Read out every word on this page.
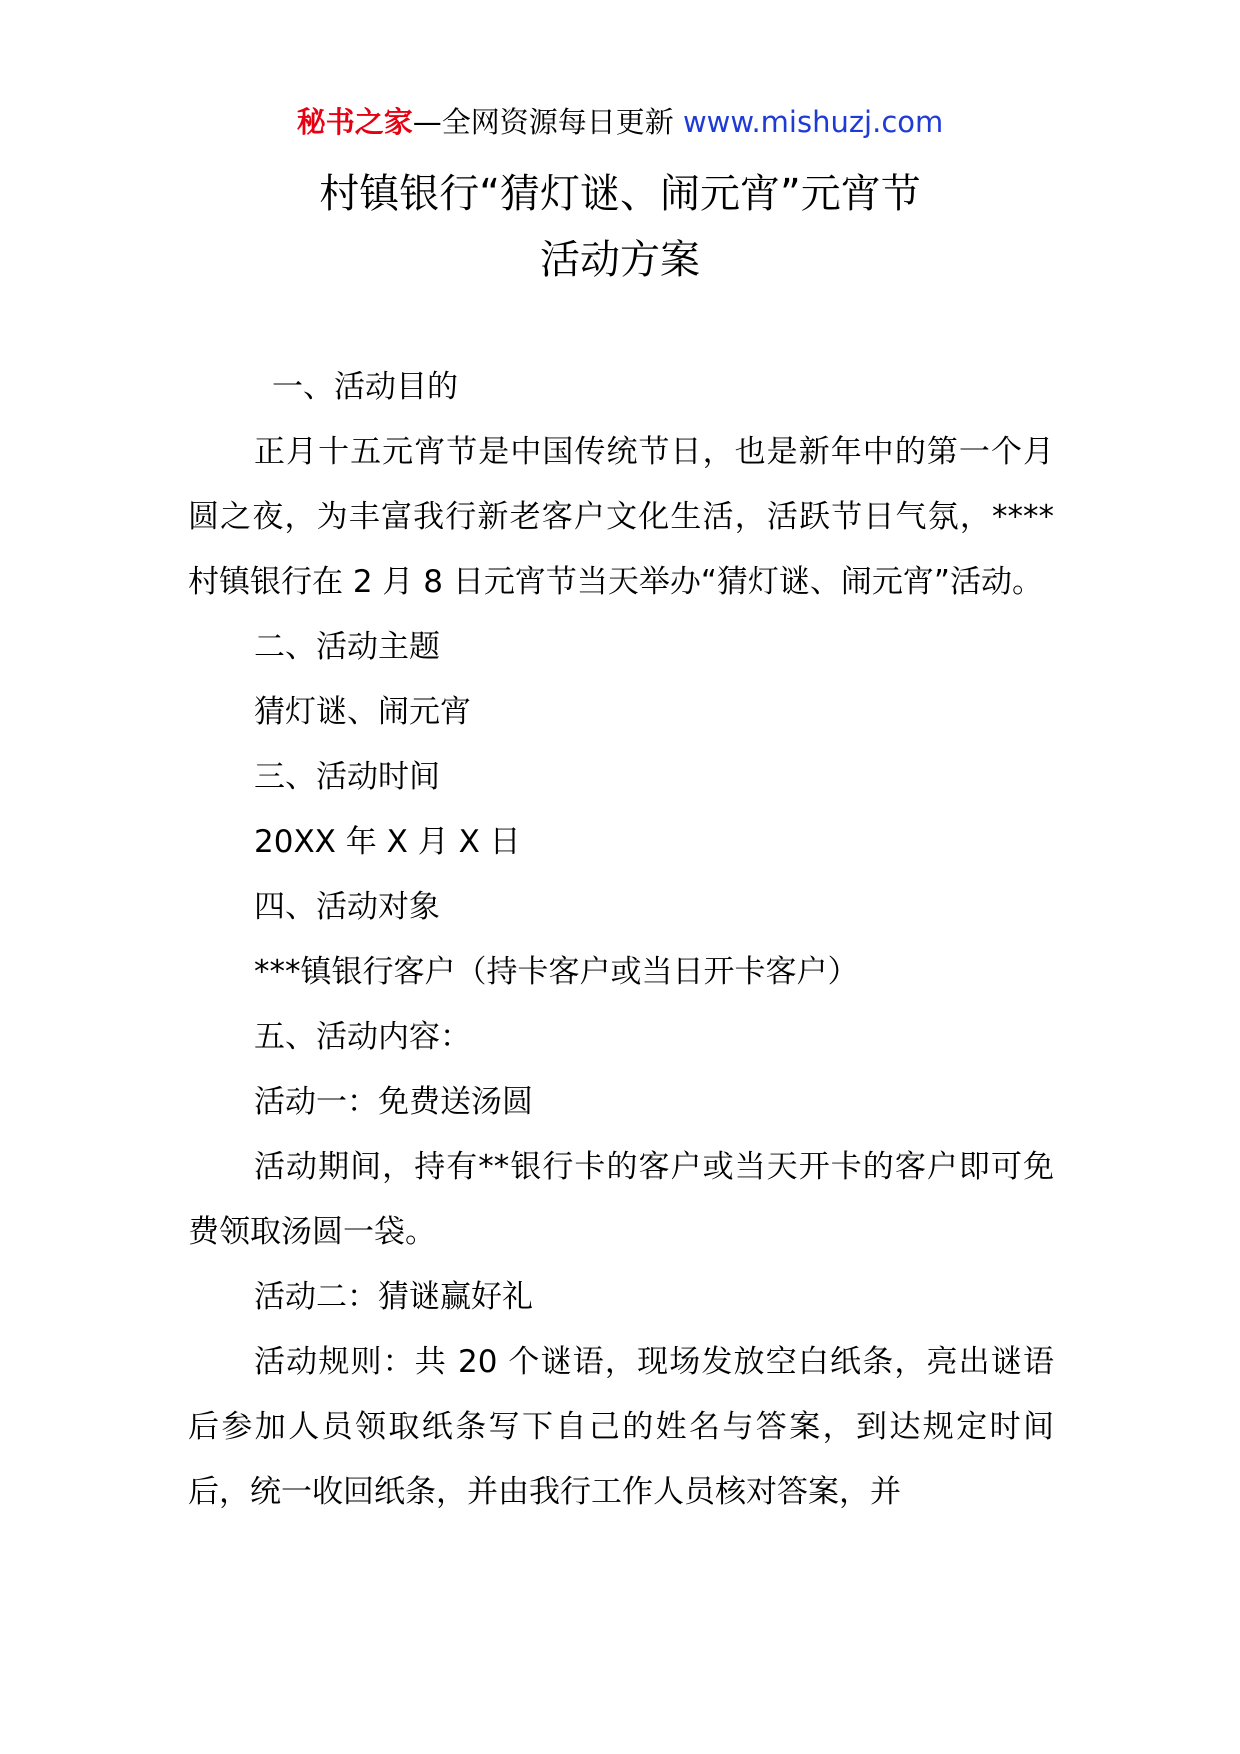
秘书之家—全网资源每日更新 www.mishuzj.com
村镇银行“猜灯谜、闹元宵”元宵节
活动方案

一、活动目的

正月十五元宵节是中国传统节日，也是新年中的第一个月圆之夜，为丰富我行新老客户文化生活，活跃节日气氛，****村镇银行在 2 月 8 日元宵节当天举办“猜灯谜、闹元宵”活动。

二、活动主题

猜灯谜、闹元宵

三、活动时间

20XX 年 X 月 X 日

四、活动对象

***镇银行客户（持卡客户或当日开卡客户）

五、活动内容：

活动一：免费送汤圆

活动期间，持有**银行卡的客户或当天开卡的客户即可免费领取汤圆一袋。

活动二：猜谜赢好礼

活动规则：共 20 个谜语，现场发放空白纸条，亮出谜语后参加人员领取纸条写下自己的姓名与答案，到达规定时间后，统一收回纸条，并由我行工作人员核对答案，并
